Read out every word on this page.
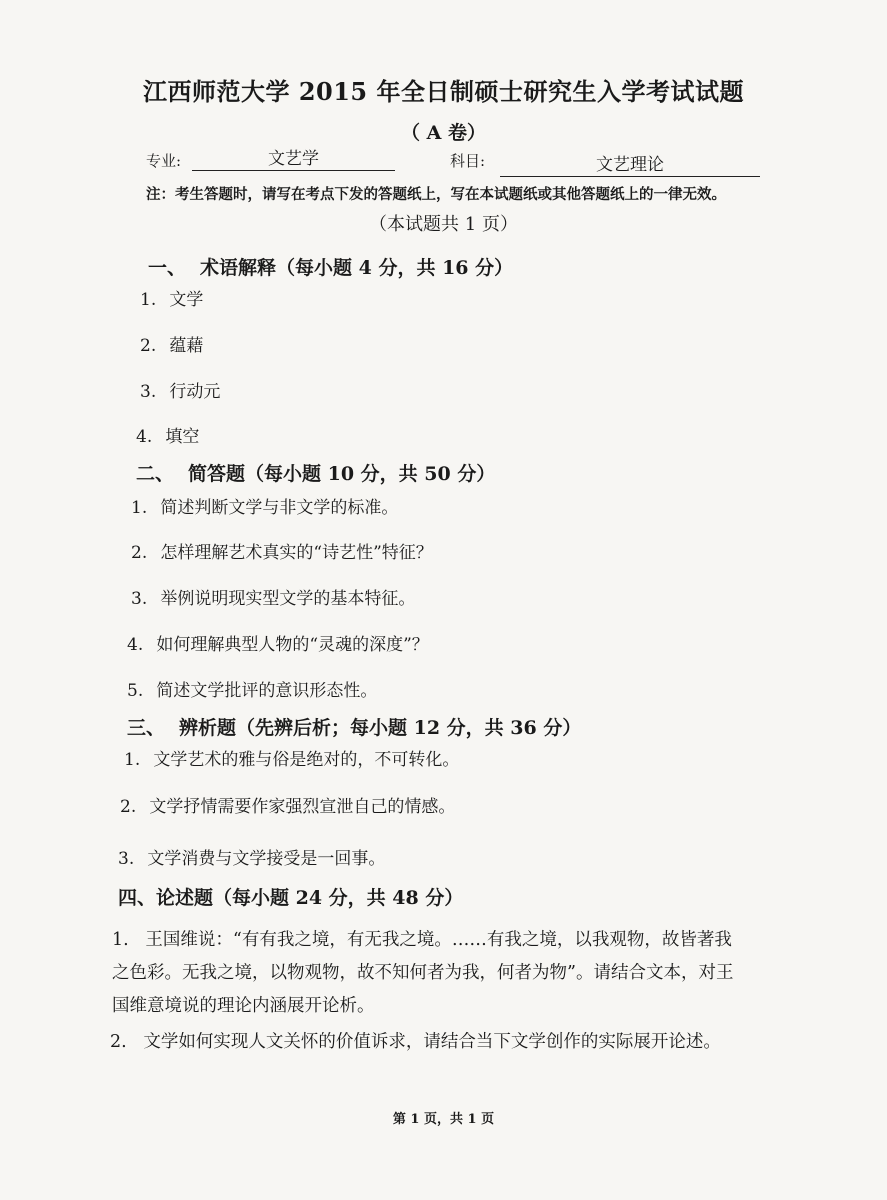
江西师范大学 2015 年全日制硕士研究生入学考试试题
（ A 卷）
专业:	文艺学	科目:	文艺理论
注：考生答题时，请写在考点下发的答题纸上，写在本试题纸或其他答题纸上的一律无效。
（本试题共 1 页）
一、 术语解释（每小题 4 分，共 16 分）
1. 文学
2. 蕴藉
3. 行动元
4. 填空
二、 简答题（每小题 10 分，共 50 分）
1. 简述判断文学与非文学的标准。
2. 怎样理解艺术真实的“诗艺性”特征？
3. 举例说明现实型文学的基本特征。
4. 如何理解典型人物的“灵魂的深度”？
5. 简述文学批评的意识形态性。
三、 辨析题（先辨后析；每小题 12 分，共 36 分）
1. 文学艺术的雅与俗是绝对的，不可转化。
2. 文学抒情需要作家强烈宣泄自己的情感。
3. 文学消费与文学接受是一回事。
四、论述题（每小题 24 分，共 48 分）
1. 王国维说：“有有我之境，有无我之境。……有我之境，以我观物，故皆著我之色彩。无我之境，以物观物，故不知何者为我，何者为物”。请结合文本，对王国维意境说的理论内涵展开论析。
2. 文学如何实现人文关怀的价值诉求，请结合当下文学创作的实际展开论述。
第 1 页，共 1 页
